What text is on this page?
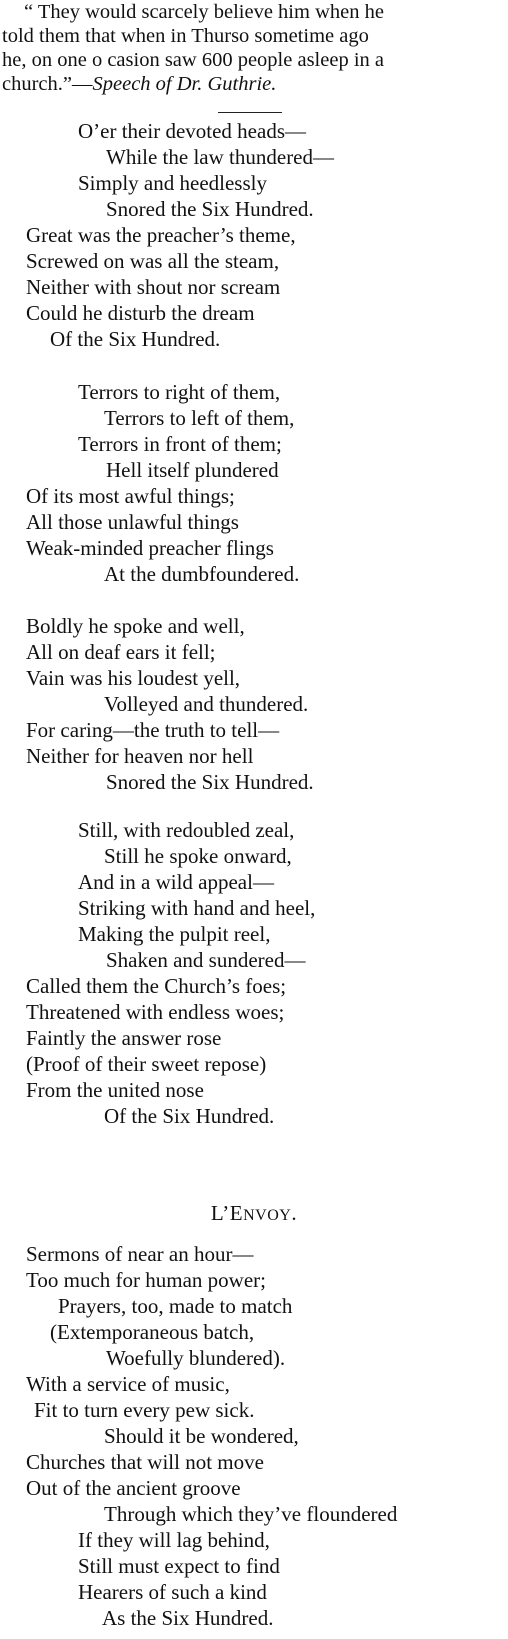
“ They would scarcely believe him when he
told them that when in Thurso sometime ago
he, on one o casion saw 600 people asleep in a
church.”—Speech of Dr. Guthrie.
O’er their devoted heads—
While the law thundered—
Simply and heedlessly
Snored the Six Hundred.
Great was the preacher’s theme,
Screwed on was all the steam,
Neither with shout nor scream
Could he disturb the dream
Of the Six Hundred.
Terrors to right of them,
Terrors to left of them,
Terrors in front of them;
Hell itself plundered
Of its most awful things;
All those unlawful things
Weak-minded preacher flings
At the dumbfoundered.
Boldly he spoke and well,
All on deaf ears it fell;
Vain was his loudest yell,
Volleyed and thundered.
For caring—the truth to tell—
Neither for heaven nor hell
Snored the Six Hundred.
Still, with redoubled zeal,
Still he spoke onward,
And in a wild appeal—
Striking with hand and heel,
Making the pulpit reel,
Shaken and sundered—
Called them the Church’s foes;
Threatened with endless woes;
Faintly the answer rose
(Proof of their sweet repose)
From the united nose
Of the Six Hundred.
L’ENVOY.
Sermons of near an hour—
Too much for human power;
Prayers, too, made to match
(Extemporaneous batch,
Woefully blundered).
With a service of music,
Fit to turn every pew sick.
Should it be wondered,
Churches that will not move
Out of the ancient groove
Through which they’ve floundered
If they will lag behind,
Still must expect to find
Hearers of such a kind
As the Six Hundred.
